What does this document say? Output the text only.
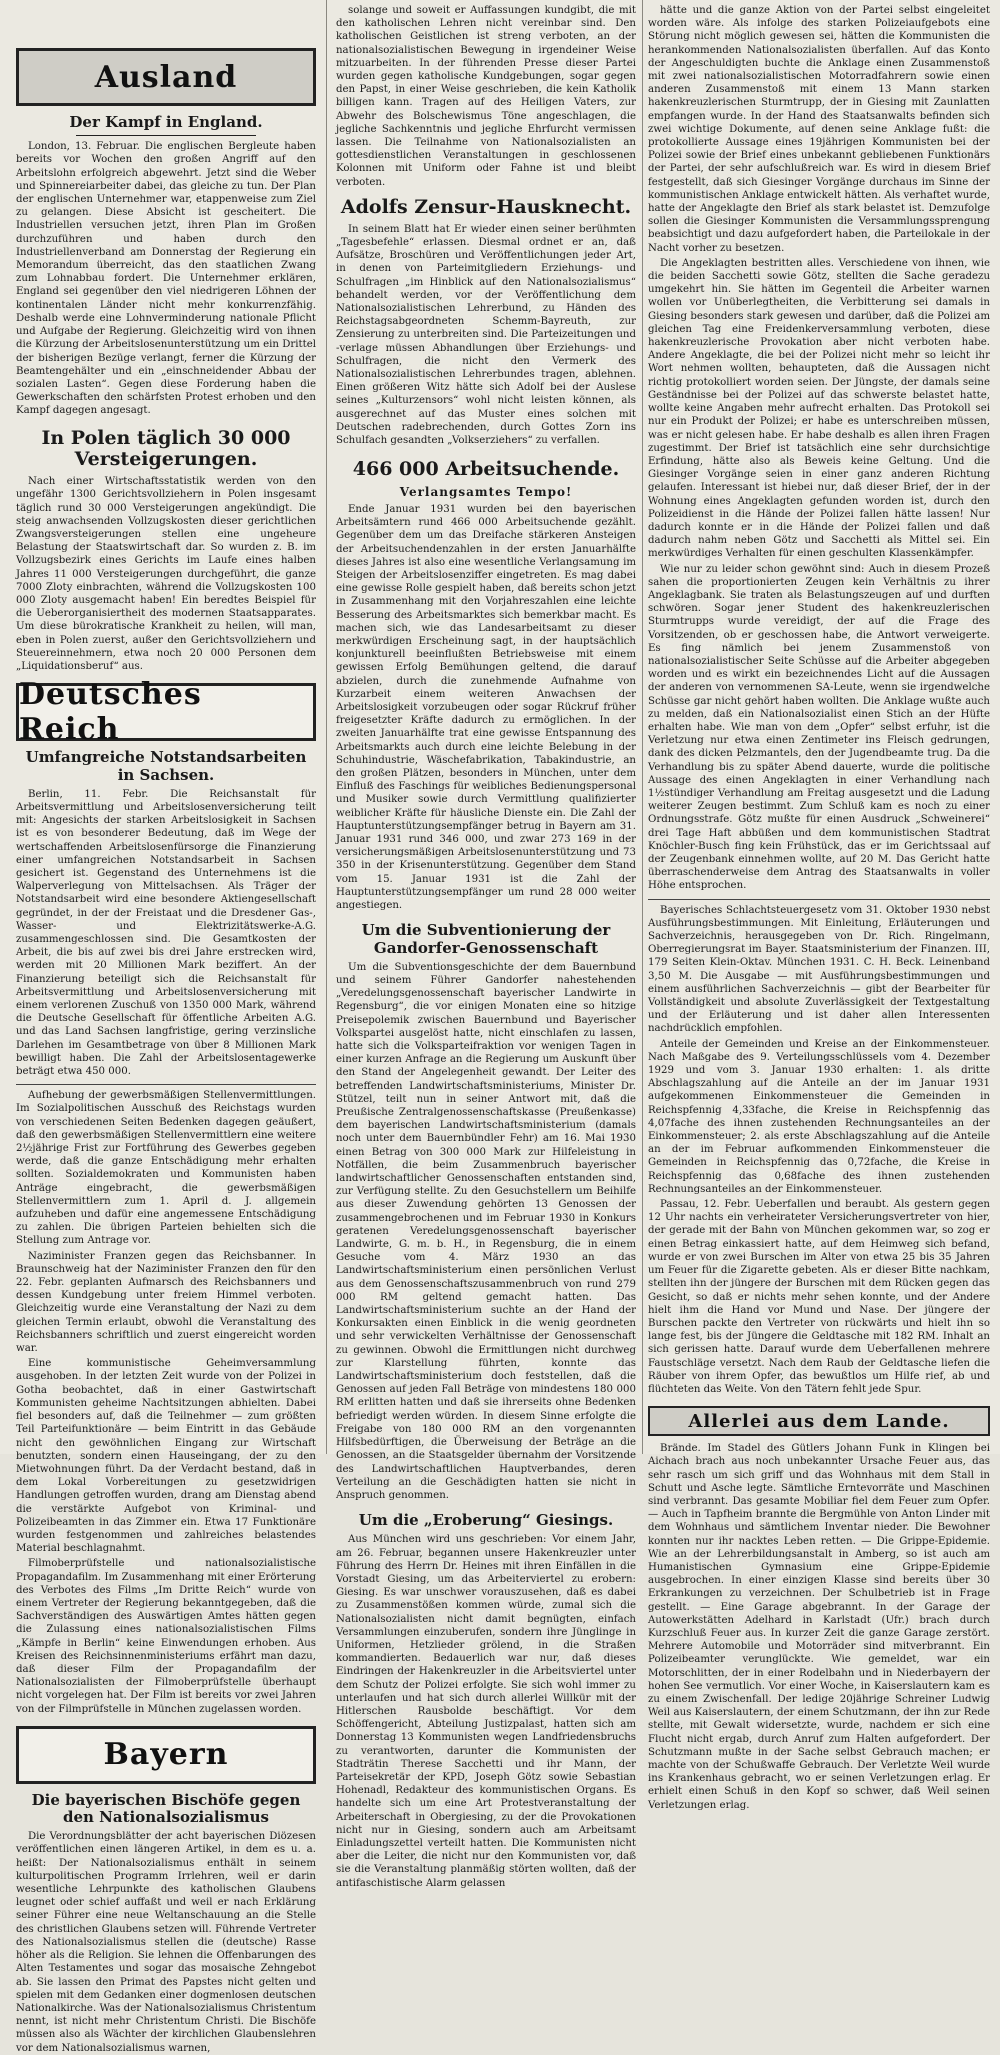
Ausland
Der Kampf in England.

London, 13. Februar. Die englischen Bergleute haben bereits vor Wochen den großen Angriff auf den Arbeitslohn erfolgreich abgewehrt. Jetzt sind die Weber und Spinnereiarbeiter dabei, das gleiche zu tun. Der Plan der englischen Unternehmer war, etappenweise zum Ziel zu gelangen. Diese Absicht ist gescheitert. Die Industriellen versuchen jetzt, ihren Plan im Großen durchzuführen und haben durch den Industriellenverband am Donnerstag der Regierung ein Memorandum überreicht, das den staatlichen Zwang zum Lohnabbau fordert. Die Unternehmer erklären, England sei gegenüber den viel niedrigeren Löhnen der kontinentalen Länder nicht mehr konkurrenzfähig. Deshalb werde eine Lohnverminderung nationale Pflicht und Aufgabe der Regierung. Gleichzeitig wird von ihnen die Kürzung der Arbeitslosenunterstützung um ein Drittel der bisherigen Bezüge verlangt, ferner die Kürzung der Beamtengehälter und ein „einschneidender Abbau der sozialen Lasten“. Gegen diese Forderung haben die Gewerkschaften den schärfsten Protest erhoben und den Kampf dagegen angesagt.

In Polen täglich 30 000 Versteigerungen.

Nach einer Wirtschaftsstatistik werden von den ungefähr 1300 Gerichtsvollziehern in Polen insgesamt täglich rund 30 000 Versteigerungen angekündigt. Die steig anwachsenden Vollzugskosten dieser gerichtlichen Zwangsversteigerungen stellen eine ungeheure Belastung der Staatswirtschaft dar. So wurden z. B. im Vollzugsbezirk eines Gerichts im Laufe eines halben Jahres 11 000 Versteigerungen durchgeführt, die ganze 7000 Zloty einbrachten, während die Vollzugskosten 100 000 Zloty ausgemacht haben! Ein beredtes Beispiel für die Ueberorganisiertheit des modernen Staatsapparates. Um diese bürokratische Krankheit zu heilen, will man, eben in Polen zuerst, außer den Gerichtsvollziehern und Steuereinnehmern, etwa noch 20 000 Personen dem „Liquidationsberuf“ aus.

Deutsches Reich
Umfangreiche Notstandsarbeiten in Sachsen.

Berlin, 11. Febr. Die Reichsanstalt für Arbeitsvermittlung und Arbeitslosenversicherung teilt mit: Angesichts der starken Arbeitslosigkeit in Sachsen ist es von besonderer Bedeutung, daß im Wege der wertschaffenden Arbeitslosenfürsorge die Finanzierung einer umfangreichen Notstandsarbeit in Sachsen gesichert ist. Gegenstand des Unternehmens ist die Walperverlegung von Mittelsachsen. Als Träger der Notstandsarbeit wird eine besondere Aktiengesellschaft gegründet, in der der Freistaat und die Dresdener Gas-, Wasser- und Elektrizitätswerke-A.G. zusammengeschlossen sind. Die Gesamtkosten der Arbeit, die bis auf zwei bis drei Jahre erstrecken wird, werden mit 20 Millionen Mark beziffert. An der Finanzierung beteiligt sich die Reichsanstalt für Arbeitsvermittlung und Arbeitslosenversicherung mit einem verlorenen Zuschuß von 1350 000 Mark, während die Deutsche Gesellschaft für öffentliche Arbeiten A.G. und das Land Sachsen langfristige, gering verzinsliche Darlehen im Gesamtbetrage von über 8 Millionen Mark bewilligt haben. Die Zahl der Arbeitslosentagewerke beträgt etwa 450 000.

Aufhebung der gewerbsmäßigen Stellenvermittlungen. Im Sozialpolitischen Ausschuß des Reichstags wurden von verschiedenen Seiten Bedenken dagegen geäußert, daß den gewerbsmäßigen Stellenvermittlern eine weitere 2½jährige Frist zur Fortführung des Gewerbes gegeben werde, daß die ganze Entschädigung mehr erhalten sollten. Sozialdemokraten und Kommunisten haben Anträge eingebracht, die gewerbsmäßigen Stellenvermittlern zum 1. April d. J. allgemein aufzuheben und dafür eine angemessene Entschädigung zu zahlen. Die übrigen Parteien behielten sich die Stellung zum Antrage vor.

Naziminister Franzen gegen das Reichsbanner. In Braunschweig hat der Naziminister Franzen den für den 22. Febr. geplanten Aufmarsch des Reichsbanners und dessen Kundgebung unter freiem Himmel verboten. Gleichzeitig wurde eine Veranstaltung der Nazi zu dem gleichen Termin erlaubt, obwohl die Veranstaltung des Reichsbanners schriftlich und zuerst eingereicht worden war.

Eine kommunistische Geheimversammlung ausgehoben. In der letzten Zeit wurde von der Polizei in Gotha beobachtet, daß in einer Gastwirtschaft Kommunisten geheime Nachtsitzungen abhielten. Dabei fiel besonders auf, daß die Teilnehmer — zum größten Teil Parteifunktionäre — beim Eintritt in das Gebäude nicht den gewöhnlichen Eingang zur Wirtschaft benutzten, sondern einen Hauseingang, der zu den Mietwohnungen führt. Da der Verdacht bestand, daß in dem Lokal Vorbereitungen zu gesetzwidrigen Handlungen getroffen wurden, drang am Dienstag abend die verstärkte Aufgebot von Kriminal- und Polizeibeamten in das Zimmer ein. Etwa 17 Funktionäre wurden festgenommen und zahlreiches belastendes Material beschlagnahmt.

Filmoberprüfstelle und nationalsozialistische Propagandafilm. Im Zusammenhang mit einer Erörterung des Verbotes des Films „Im Dritte Reich“ wurde von einem Vertreter der Regierung bekanntgegeben, daß die Sachverständigen des Auswärtigen Amtes hätten gegen die Zulassung eines nationalsozialistischen Films „Kämpfe in Berlin“ keine Einwendungen erhoben. Aus Kreisen des Reichsinnenministeriums erfährt man dazu, daß dieser Film der Propagandafilm der Nationalsozialisten der Filmoberprüfstelle überhaupt nicht vorgelegen hat. Der Film ist bereits vor zwei Jahren von der Filmprüfstelle in München zugelassen worden.

Bayern
Die bayerischen Bischöfe gegen den Nationalsozialismus

Die Verordnungsblätter der acht bayerischen Diözesen veröffentlichen einen längeren Artikel, in dem es u. a. heißt: Der Nationalsozialismus enthält in seinem kulturpolitischen Programm Irrlehren, weil er darin wesentliche Lehrpunkte des katholischen Glaubens leugnet oder schief auffaßt und weil er nach Erklärung seiner Führer eine neue Weltanschauung an die Stelle des christlichen Glaubens setzen will. Führende Vertreter des Nationalsozialismus stellen die (deutsche) Rasse höher als die Religion. Sie lehnen die Offenbarungen des Alten Testamentes und sogar das mosaische Zehngebot ab. Sie lassen den Primat des Papstes nicht gelten und spielen mit dem Gedanken einer dogmenlosen deutschen Nationalkirche. Was der Nationalsozialismus Christentum nennt, ist nicht mehr Christentum Christi. Die Bischöfe müssen also als Wächter der kirchlichen Glaubenslehren vor dem Nationalsozialismus warnen,

solange und soweit er Auffassungen kundgibt, die mit den katholischen Lehren nicht vereinbar sind. Den katholischen Geistlichen ist streng verboten, an der nationalsozialistischen Bewegung in irgendeiner Weise mitzuarbeiten. In der führenden Presse dieser Partei wurden gegen katholische Kundgebungen, sogar gegen den Papst, in einer Weise geschrieben, die kein Katholik billigen kann. Tragen auf des Heiligen Vaters, zur Abwehr des Bolschewismus Töne angeschlagen, die jegliche Sachkenntnis und jegliche Ehrfurcht vermissen lassen. Die Teilnahme von Nationalsozialisten an gottesdienstlichen Veranstaltungen in geschlossenen Kolonnen mit Uniform oder Fahne ist und bleibt verboten.

Adolfs Zensur-Hausknecht.

In seinem Blatt hat Er wieder einen seiner berühmten „Tagesbefehle“ erlassen. Diesmal ordnet er an, daß Aufsätze, Broschüren und Veröffentlichungen jeder Art, in denen von Parteimitgliedern Erziehungs- und Schulfragen „im Hinblick auf den Nationalsozialismus“ behandelt werden, vor der Veröffentlichung dem Nationalsozialistischen Lehrerbund, zu Händen des Reichstagsabgeordneten Schemm-Bayreuth, zur Zensierung zu unterbreiten sind. Die Parteizeitungen und -verlage müssen Abhandlungen über Erziehungs- und Schulfragen, die nicht den Vermerk des Nationalsozialistischen Lehrerbundes tragen, ablehnen. Einen größeren Witz hätte sich Adolf bei der Auslese seines „Kulturzensors“ wohl nicht leisten können, als ausgerechnet auf das Muster eines solchen mit Deutschen radebrechenden, durch Gottes Zorn ins Schulfach gesandten „Volkserziehers“ zu verfallen.

466 000 Arbeitsuchende.
Verlangsamtes Tempo!

Ende Januar 1931 wurden bei den bayerischen Arbeitsämtern rund 466 000 Arbeitsuchende gezählt. Gegenüber dem um das Dreifache stärkeren Ansteigen der Arbeitsuchendenzahlen in der ersten Januarhälfte dieses Jahres ist also eine wesentliche Verlangsamung im Steigen der Arbeitslosenziffer eingetreten. Es mag dabei eine gewisse Rolle gespielt haben, daß bereits schon jetzt in Zusammenhang mit den Vorjahreszahlen eine leichte Besserung des Arbeitsmarktes sich bemerkbar macht. Es machen sich, wie das Landesarbeitsamt zu dieser merkwürdigen Erscheinung sagt, in der hauptsächlich konjunkturell beeinflußten Betriebsweise mit einem gewissen Erfolg Bemühungen geltend, die darauf abzielen, durch die zunehmende Aufnahme von Kurzarbeit einem weiteren Anwachsen der Arbeitslosigkeit vorzubeugen oder sogar Rückruf früher freigesetzter Kräfte dadurch zu ermöglichen. In der zweiten Januarhälfte trat eine gewisse Entspannung des Arbeitsmarkts auch durch eine leichte Belebung in der Schuhindustrie, Wäschefabrikation, Tabakindustrie, an den großen Plätzen, besonders in München, unter dem Einfluß des Faschings für weibliches Bedienungspersonal und Musiker sowie durch Vermittlung qualifizierter weiblicher Kräfte für häusliche Dienste ein. Die Zahl der Hauptunterstützungsempfänger betrug in Bayern am 31. Januar 1931 rund 346 000, und zwar 273 169 in der versicherungsmäßigen Arbeitslosenunterstützung und 73 350 in der Krisenunterstützung. Gegenüber dem Stand vom 15. Januar 1931 ist die Zahl der Hauptunterstützungsempfänger um rund 28 000 weiter angestiegen.

Um die Subventionierung der Gandorfer-Genossenschaft

Um die Subventionsgeschichte der dem Bauernbund und seinem Führer Gandorfer nahestehenden „Veredelungsgenossenschaft bayerischer Landwirte in Regensburg“, die vor einigen Monaten eine so hitzige Preisepolemik zwischen Bauernbund und Bayerischer Volkspartei ausgelöst hatte, nicht einschlafen zu lassen, hatte sich die Volksparteifraktion vor wenigen Tagen in einer kurzen Anfrage an die Regierung um Auskunft über den Stand der Angelegenheit gewandt. Der Leiter des betreffenden Landwirtschaftsministeriums, Minister Dr. Stützel, teilt nun in seiner Antwort mit, daß die Preußische Zentralgenossenschaftskasse (Preußenkasse) dem bayerischen Landwirtschaftsministerium (damals noch unter dem Bauernbündler Fehr) am 16. Mai 1930 einen Betrag von 300 000 Mark zur Hilfeleistung in Notfällen, die beim Zusammenbruch bayerischer landwirtschaftlicher Genossenschaften entstanden sind, zur Verfügung stellte. Zu den Gesuchstellern um Beihilfe aus dieser Zuwendung gehörten 13 Genossen der zusammengebrochenen und im Februar 1930 in Konkurs geratenen Veredelungsgenossenschaft bayerischer Landwirte, G. m. b. H., in Regensburg, die in einem Gesuche vom 4. März 1930 an das Landwirtschaftsministerium einen persönlichen Verlust aus dem Genossenschaftszusammenbruch von rund 279 000 RM geltend gemacht hatten. Das Landwirtschaftsministerium suchte an der Hand der Konkursakten einen Einblick in die wenig geordneten und sehr verwickelten Verhältnisse der Genossenschaft zu gewinnen. Obwohl die Ermittlungen nicht durchweg zur Klarstellung führten, konnte das Landwirtschaftsministerium doch feststellen, daß die Genossen auf jeden Fall Beträge von mindestens 180 000 RM erlitten hatten und daß sie ihrerseits ohne Bedenken befriedigt werden würden. In diesem Sinne erfolgte die Freigabe von 180 000 RM an den vorgenannten Hilfsbedürftigen, die Überweisung der Beträge an die Genossen, an die Staatsgelder übernahm der Vorsitzende des Landwirtschaftlichen Hauptverbandes, deren Verteilung an die Geschädigten hatten sie nicht in Anspruch genommen.

Um die „Eroberung“ Giesings.

Aus München wird uns geschrieben: Vor einem Jahr, am 26. Februar, begannen unsere Hakenkreuzler unter Führung des Herrn Dr. Heines mit ihren Einfällen in die Vorstadt Giesing, um das Arbeiterviertel zu erobern: Giesing. Es war unschwer vorauszusehen, daß es dabei zu Zusammenstößen kommen würde, zumal sich die Nationalsozialisten nicht damit begnügten, einfach Versammlungen einzuberufen, sondern ihre Jünglinge in Uniformen, Hetzlieder grölend, in die Straßen kommandierten. Bedauerlich war nur, daß dieses Eindringen der Hakenkreuzler in die Arbeitsviertel unter dem Schutz der Polizei erfolgte. Sie sich wohl immer zu unterlaufen und hat sich durch allerlei Willkür mit der Hitlerschen Rausbolde beschäftigt. Vor dem Schöffengericht, Abteilung Justizpalast, hatten sich am Donnerstag 13 Kommunisten wegen Landfriedensbruchs zu verantworten, darunter die Kommunisten der Stadträtin Therese Sacchetti und ihr Mann, der Parteisekretär der KPD, Joseph Götz sowie Sebastian Hohenadl, Redakteur des kommunistischen Organs. Es handelte sich um eine Art Protestveranstaltung der Arbeiterschaft in Obergiesing, zu der die Provokationen nicht nur in Giesing, sondern auch am Arbeitsamt Einladungszettel verteilt hatten. Die Kommunisten nicht aber die Leiter, die nicht nur den Kommunisten vor, daß sie die Veranstaltung planmäßig störten wollten, daß der antifaschistische Alarm gelassen

hätte und die ganze Aktion von der Partei selbst eingeleitet worden wäre. Als infolge des starken Polizeiaufgebots eine Störung nicht möglich gewesen sei, hätten die Kommunisten die herankommenden Nationalsozialisten überfallen. Auf das Konto der Angeschuldigten buchte die Anklage einen Zusammenstoß mit zwei nationalsozialistischen Motorradfahrern sowie einen anderen Zusammenstoß mit einem 13 Mann starken hakenkreuzlerischen Sturmtrupp, der in Giesing mit Zaunlatten empfangen wurde. In der Hand des Staatsanwalts befinden sich zwei wichtige Dokumente, auf denen seine Anklage fußt: die protokollierte Aussage eines 19jährigen Kommunisten bei der Polizei sowie der Brief eines unbekannt gebliebenen Funktionärs der Partei, der sehr aufschlußreich war. Es wird in diesem Brief festgestellt, daß sich Giesinger Vorgänge durchaus im Sinne der kommunistischen Anklage entwickelt hätten. Als verhaftet wurde, hatte der Angeklagte den Brief als stark belastet ist. Demzufolge sollen die Giesinger Kommunisten die Versammlungssprengung beabsichtigt und dazu aufgefordert haben, die Parteilokale in der Nacht vorher zu besetzen.

Die Angeklagten bestritten alles. Verschiedene von ihnen, wie die beiden Sacchetti sowie Götz, stellten die Sache geradezu umgekehrt hin. Sie hätten im Gegenteil die Arbeiter warnen wollen vor Unüberlegtheiten, die Verbitterung sei damals in Giesing besonders stark gewesen und darüber, daß die Polizei am gleichen Tag eine Freidenkerversammlung verboten, diese hakenkreuzlerische Provokation aber nicht verboten habe. Andere Angeklagte, die bei der Polizei nicht mehr so leicht ihr Wort nehmen wollten, behaupteten, daß die Aussagen nicht richtig protokolliert worden seien. Der Jüngste, der damals seine Geständnisse bei der Polizei auf das schwerste belastet hatte, wollte keine Angaben mehr aufrecht erhalten. Das Protokoll sei nur ein Produkt der Polizei; er habe es unterschreiben müssen, was er nicht gelesen habe. Er habe deshalb es allen ihren Fragen zugestimmt. Der Brief ist tatsächlich eine sehr durchsichtige Erfindung, hätte also als Beweis keine Geltung. Und die Giesinger Vorgänge seien in einer ganz anderen Richtung gelaufen. Interessant ist hiebei nur, daß dieser Brief, der in der Wohnung eines Angeklagten gefunden worden ist, durch den Polizeidienst in die Hände der Polizei fallen hätte lassen! Nur dadurch konnte er in die Hände der Polizei fallen und daß dadurch nahm neben Götz und Sacchetti als Mittel sei. Ein merkwürdiges Verhalten für einen geschulten Klassenkämpfer.

Wie nur zu leider schon gewöhnt sind: Auch in diesem Prozeß sahen die proportionierten Zeugen kein Verhältnis zu ihrer Angeklagbank. Sie traten als Belastungszeugen auf und durften schwören. Sogar jener Student des hakenkreuzlerischen Sturmtrupps wurde vereidigt, der auf die Frage des Vorsitzenden, ob er geschossen habe, die Antwort verweigerte. Es fing nämlich bei jenem Zusammenstoß von nationalsozialistischer Seite Schüsse auf die Arbeiter abgegeben worden und es wirkt ein bezeichnendes Licht auf die Aussagen der anderen von vernommenen SA-Leute, wenn sie irgendwelche Schüsse gar nicht gehört haben wollten. Die Anklage wußte auch zu melden, daß ein Nationalsozialist einen Stich an der Hüfte erhalten habe. Wie man von dem „Opfer“ selbst erfuhr, ist die Verletzung nur etwa einen Zentimeter ins Fleisch gedrungen, dank des dicken Pelzmantels, den der Jugendbeamte trug. Da die Verhandlung bis zu später Abend dauerte, wurde die politische Aussage des einen Angeklagten in einer Verhandlung nach 1½stündiger Verhandlung am Freitag ausgesetzt und die Ladung weiterer Zeugen bestimmt. Zum Schluß kam es noch zu einer Ordnungsstrafe. Götz mußte für einen Ausdruck „Schweinerei“ drei Tage Haft abbüßen und dem kommunistischen Stadtrat Knöchler-Busch fing kein Frühstück, das er im Gerichtssaal auf der Zeugenbank einnehmen wollte, auf 20 M. Das Gericht hatte überraschenderweise dem Antrag des Staatsanwalts in voller Höhe entsprochen.

Bayerisches Schlachtsteuergesetz vom 31. Oktober 1930 nebst Ausführungsbestimmungen. Mit Einleitung, Erläuterungen und Sachverzeichnis, herausgegeben von Dr. Rich. Ringelmann, Oberregierungsrat im Bayer. Staatsministerium der Finanzen. III, 179 Seiten Klein-Oktav. München 1931. C. H. Beck. Leinenband 3,50 M. Die Ausgabe — mit Ausführungsbestimmungen und einem ausführlichen Sachverzeichnis — gibt der Bearbeiter für Vollständigkeit und absolute Zuverlässigkeit der Textgestaltung und der Erläuterung und ist daher allen Interessenten nachdrücklich empfohlen.

Anteile der Gemeinden und Kreise an der Einkommensteuer. Nach Maßgabe des 9. Verteilungsschlüssels vom 4. Dezember 1929 und vom 3. Januar 1930 erhalten: 1. als dritte Abschlagszahlung auf die Anteile an der im Januar 1931 aufgekommenen Einkommensteuer die Gemeinden in Reichspfennig 4,33fache, die Kreise in Reichspfennig das 4,07fache des ihnen zustehenden Rechnungsanteiles an der Einkommensteuer; 2. als erste Abschlagszahlung auf die Anteile an der im Februar aufkommenden Einkommensteuer die Gemeinden in Reichspfennig das 0,72fache, die Kreise in Reichspfennig das 0,68fache des ihnen zustehenden Rechnungsanteiles an der Einkommensteuer.

Passau, 12. Febr. Ueberfallen und beraubt. Als gestern gegen 12 Uhr nachts ein verheirateter Versicherungsvertreter von hier, der gerade mit der Bahn von München gekommen war, so zog er einen Betrag einkassiert hatte, auf dem Heimweg sich befand, wurde er von zwei Burschen im Alter von etwa 25 bis 35 Jahren um Feuer für die Zigarette gebeten. Als er dieser Bitte nachkam, stellten ihn der jüngere der Burschen mit dem Rücken gegen das Gesicht, so daß er nichts mehr sehen konnte, und der Andere hielt ihm die Hand vor Mund und Nase. Der jüngere der Burschen packte den Vertreter von rückwärts und hielt ihn so lange fest, bis der Jüngere die Geldtasche mit 182 RM. Inhalt an sich gerissen hatte. Darauf wurde dem Ueberfallenen mehrere Faustschläge versetzt. Nach dem Raub der Geldtasche liefen die Räuber von ihrem Opfer, das bewußtlos um Hilfe rief, ab und flüchteten das Weite. Von den Tätern fehlt jede Spur.

Allerlei aus dem Lande.

Brände. Im Stadel des Gütlers Johann Funk in Klingen bei Aichach brach aus noch unbekannter Ursache Feuer aus, das sehr rasch um sich griff und das Wohnhaus mit dem Stall in Schutt und Asche legte. Sämtliche Erntevorräte und Maschinen sind verbrannt. Das gesamte Mobiliar fiel dem Feuer zum Opfer. — Auch in Tapfheim brannte die Bergmühle von Anton Linder mit dem Wohnhaus und sämtlichem Inventar nieder. Die Bewohner konnten nur ihr nacktes Leben retten. — Die Grippe-Epidemie. Wie an der Lehrerbildungsanstalt in Amberg, so ist auch am Humanistischen Gymnasium eine Grippe-Epidemie ausgebrochen. In einer einzigen Klasse sind bereits über 30 Erkrankungen zu verzeichnen. Der Schulbetrieb ist in Frage gestellt. — Eine Garage abgebrannt. In der Garage der Autowerkstätten Adelhard in Karlstadt (Ufr.) brach durch Kurzschluß Feuer aus. In kurzer Zeit die ganze Garage zerstört. Mehrere Automobile und Motorräder sind mitverbrannt. Ein Polizeibeamter verunglückte. Wie gemeldet, war ein Motorschlitten, der in einer Rodelbahn und in Niederbayern der hohen See vermutlich. Vor einer Woche, in Kaiserslautern kam es zu einem Zwischenfall. Der ledige 20jährige Schreiner Ludwig Weil aus Kaiserslautern, der einem Schutzmann, der ihn zur Rede stellte, mit Gewalt widersetzte, wurde, nachdem er sich eine Flucht nicht ergab, durch Anruf zum Halten aufgefordert. Der Schutzmann mußte in der Sache selbst Gebrauch machen; er machte von der Schußwaffe Gebrauch. Der Verletzte Weil wurde ins Krankenhaus gebracht, wo er seinen Verletzungen erlag. Er erhielt einen Schuß in den Kopf so schwer, daß Weil seinen Verletzungen erlag.
